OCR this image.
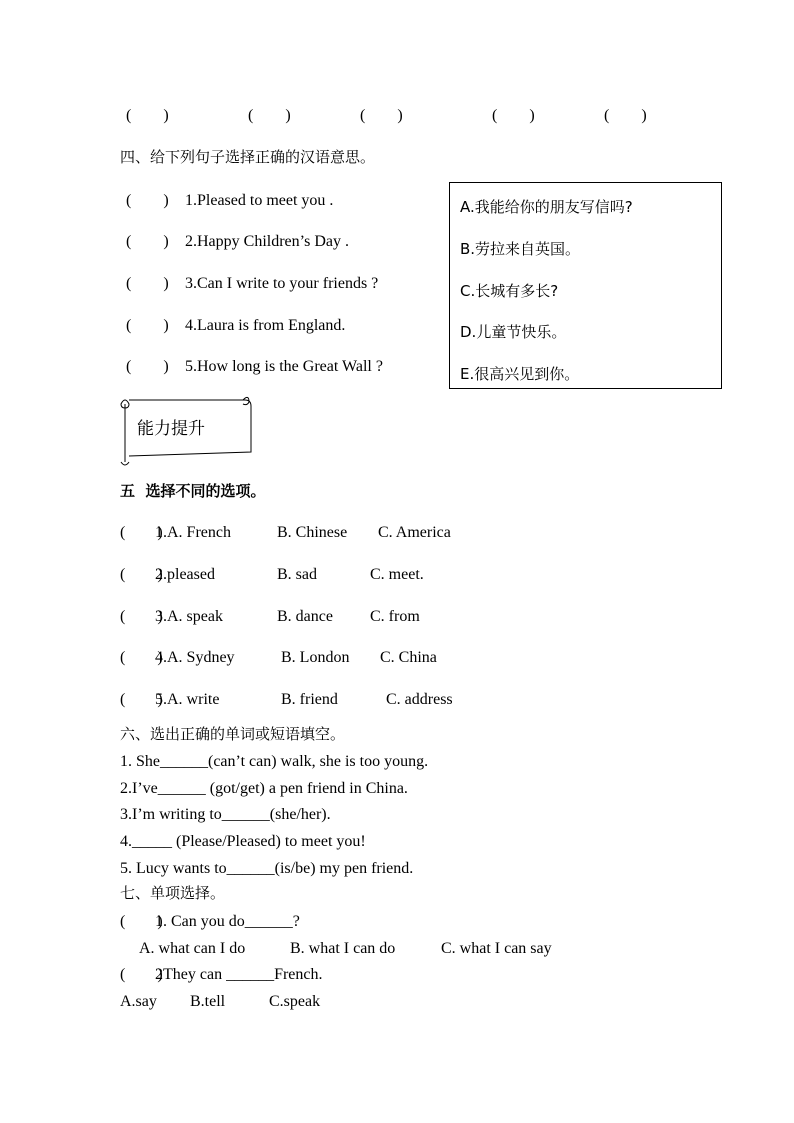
(　　)	(　　)	(　　)	(　　)	(　　)
四、给下列句子选择正确的汉语意思。
(　　) 1.Pleased to meet you .
(　　) 2.Happy Children’s Day .
(　　) 3.Can I write to your friends ?
(　　) 4.Laura is from England.
(　　) 5.How long is the Great Wall ?
A.我能给你的朋友写信吗?
B.劳拉来自英国。
C.长城有多长?
D.儿童节快乐。
E.很高兴见到你。
能力提升
五  选择不同的选项。
(　　)
1.A. French	B. Chinese C. America
(　　)
2.pleased	B. sad	C. meet.
(　　)
3.A. speak	B. dance C. from
(　　)
4.A. Sydney	B. London C. China
(　　)
5.A. write	B. friend	C. address
六、选出正确的单词或短语填空。
1. She______(can’t can) walk, she is too young.
2.I’ve______ (got/get) a pen friend in China.
3.I’m writing to______(she/her).
4._____ (Please/Pleased) to meet you!
5. Lucy wants to______(is/be) my pen friend.
七、单项选择。
(　　)
1. Can you do______?
A. what can I do	B. what I can do	C. what I can say
(　　)
2They can ______French.
A.say B.tell	C.speak
